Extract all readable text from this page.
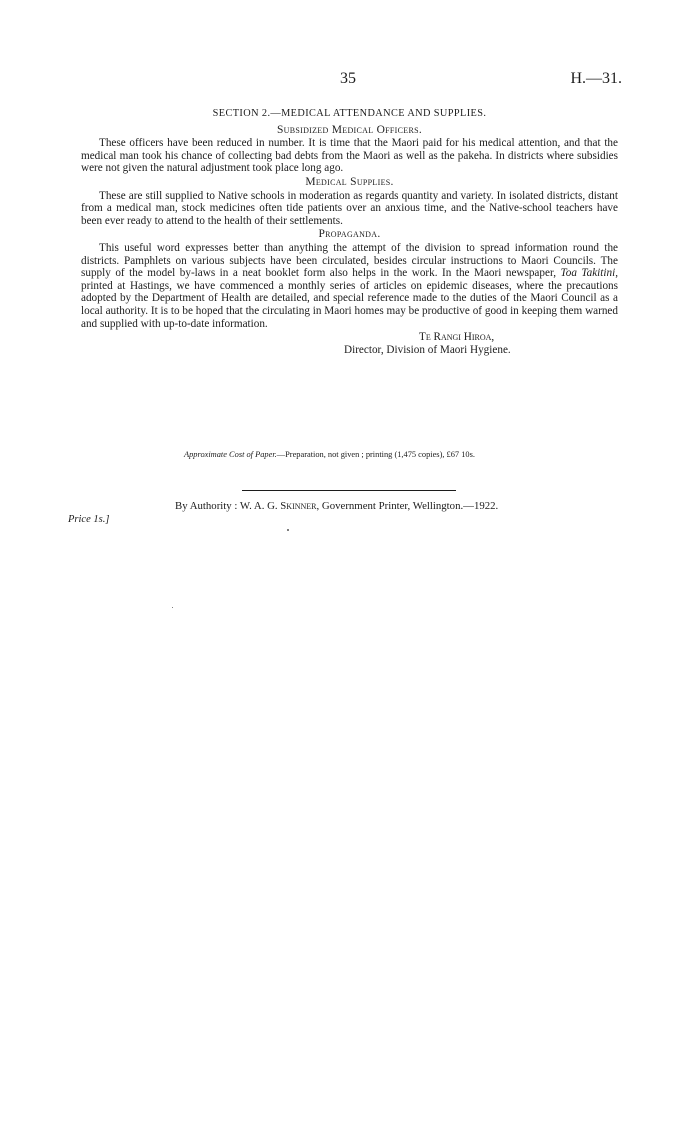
35	H.—31.
SECTION 2.—MEDICAL ATTENDANCE AND SUPPLIES.
Subsidized Medical Officers.

These officers have been reduced in number. It is time that the Maori paid for his medical attention, and that the medical man took his chance of collecting bad debts from the Maori as well as the pakeha. In districts where subsidies were not given the natural adjustment took place long ago.

Medical Supplies.

These are still supplied to Native schools in moderation as regards quantity and variety. In isolated districts, distant from a medical man, stock medicines often tide patients over an anxious time, and the Native-school teachers have been ever ready to attend to the health of their settlements.

Propaganda.

This useful word expresses better than anything the attempt of the division to spread information round the districts. Pamphlets on various subjects have been circulated, besides circular instructions to Maori Councils. The supply of the model by-laws in a neat booklet form also helps in the work. In the Maori newspaper, Toa Takitini, printed at Hastings, we have commenced a monthly series of articles on epidemic diseases, where the precautions adopted by the Department of Health are detailed, and special reference made to the duties of the Maori Council as a local authority. It is to be hoped that the circulating in Maori homes may be productive of good in keeping them warned and supplied with up-to-date information.

Te Rangi Hiroa,
Director, Division of Maori Hygiene.
Approximate Cost of Paper.—Preparation, not given ; printing (1,475 copies), £67 10s.
By Authority : W. A. G. Skinner, Government Printer, Wellington.—1922.
Price 1s.]
